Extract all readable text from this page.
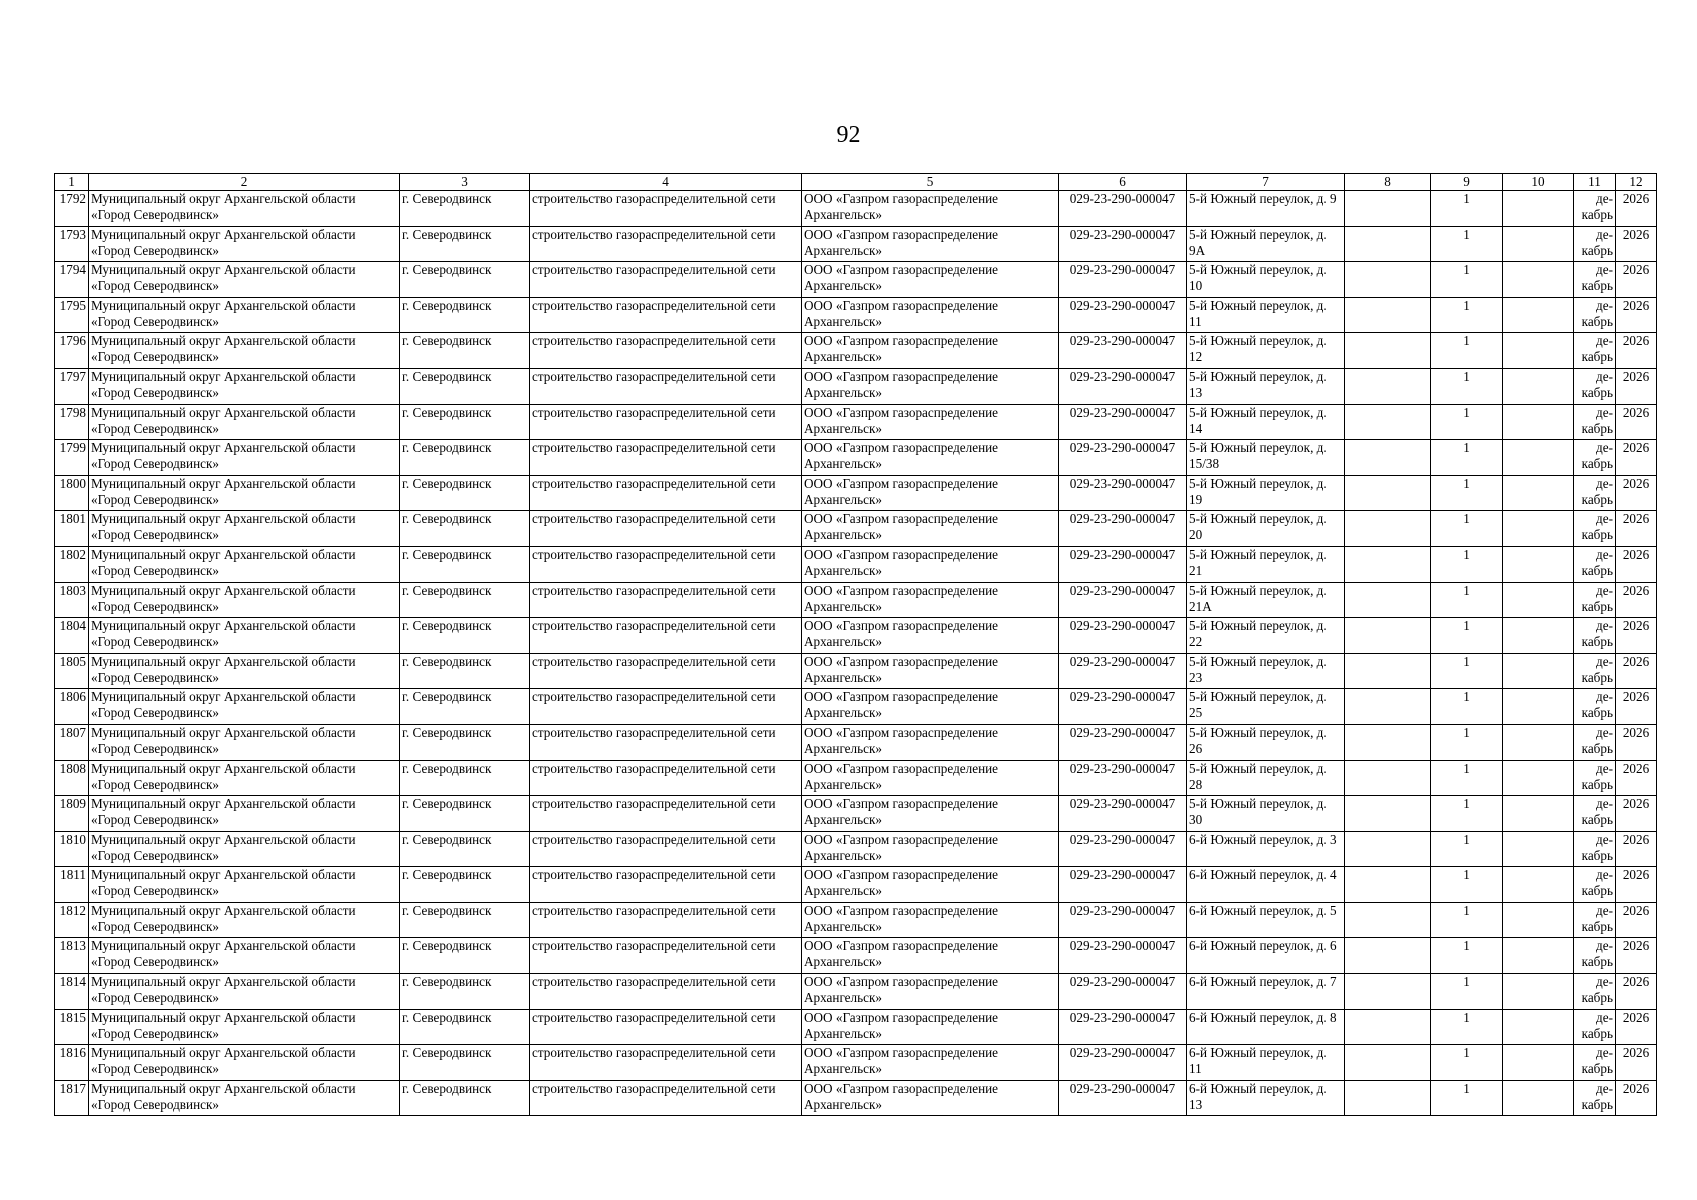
92
1	2	3	4	5	6	7	8	9	10	11	12
1792	Муниципальный округ Архангельской области «Город Северодвинск»	г. Северодвинск	строительство газораспределительной сети	ООО «Газпром газораспределение Архангельск»	029-23-290-000047	5-й Южный переулок, д. 9		1		де-кабрь	2026
1793	Муниципальный округ Архангельской области «Город Северодвинск»	г. Северодвинск	строительство газораспределительной сети	ООО «Газпром газораспределение Архангельск»	029-23-290-000047	5-й Южный переулок, д. 9А		1		де-кабрь	2026
1794	Муниципальный округ Архангельской области «Город Северодвинск»	г. Северодвинск	строительство газораспределительной сети	ООО «Газпром газораспределение Архангельск»	029-23-290-000047	5-й Южный переулок, д. 10		1		де-кабрь	2026
1795	Муниципальный округ Архангельской области «Город Северодвинск»	г. Северодвинск	строительство газораспределительной сети	ООО «Газпром газораспределение Архангельск»	029-23-290-000047	5-й Южный переулок, д. 11		1		де-кабрь	2026
1796	Муниципальный округ Архангельской области «Город Северодвинск»	г. Северодвинск	строительство газораспределительной сети	ООО «Газпром газораспределение Архангельск»	029-23-290-000047	5-й Южный переулок, д. 12		1		де-кабрь	2026
1797	Муниципальный округ Архангельской области «Город Северодвинск»	г. Северодвинск	строительство газораспределительной сети	ООО «Газпром газораспределение Архангельск»	029-23-290-000047	5-й Южный переулок, д. 13		1		де-кабрь	2026
1798	Муниципальный округ Архангельской области «Город Северодвинск»	г. Северодвинск	строительство газораспределительной сети	ООО «Газпром газораспределение Архангельск»	029-23-290-000047	5-й Южный переулок, д. 14		1		де-кабрь	2026
1799	Муниципальный округ Архангельской области «Город Северодвинск»	г. Северодвинск	строительство газораспределительной сети	ООО «Газпром газораспределение Архангельск»	029-23-290-000047	5-й Южный переулок, д. 15/38		1		де-кабрь	2026
1800	Муниципальный округ Архангельской области «Город Северодвинск»	г. Северодвинск	строительство газораспределительной сети	ООО «Газпром газораспределение Архангельск»	029-23-290-000047	5-й Южный переулок, д. 19		1		де-кабрь	2026
1801	Муниципальный округ Архангельской области «Город Северодвинск»	г. Северодвинск	строительство газораспределительной сети	ООО «Газпром газораспределение Архангельск»	029-23-290-000047	5-й Южный переулок, д. 20		1		де-кабрь	2026
1802	Муниципальный округ Архангельской области «Город Северодвинск»	г. Северодвинск	строительство газораспределительной сети	ООО «Газпром газораспределение Архангельск»	029-23-290-000047	5-й Южный переулок, д. 21		1		де-кабрь	2026
1803	Муниципальный округ Архангельской области «Город Северодвинск»	г. Северодвинск	строительство газораспределительной сети	ООО «Газпром газораспределение Архангельск»	029-23-290-000047	5-й Южный переулок, д. 21А		1		де-кабрь	2026
1804	Муниципальный округ Архангельской области «Город Северодвинск»	г. Северодвинск	строительство газораспределительной сети	ООО «Газпром газораспределение Архангельск»	029-23-290-000047	5-й Южный переулок, д. 22		1		де-кабрь	2026
1805	Муниципальный округ Архангельской области «Город Северодвинск»	г. Северодвинск	строительство газораспределительной сети	ООО «Газпром газораспределение Архангельск»	029-23-290-000047	5-й Южный переулок, д. 23		1		де-кабрь	2026
1806	Муниципальный округ Архангельской области «Город Северодвинск»	г. Северодвинск	строительство газораспределительной сети	ООО «Газпром газораспределение Архангельск»	029-23-290-000047	5-й Южный переулок, д. 25		1		де-кабрь	2026
1807	Муниципальный округ Архангельской области «Город Северодвинск»	г. Северодвинск	строительство газораспределительной сети	ООО «Газпром газораспределение Архангельск»	029-23-290-000047	5-й Южный переулок, д. 26		1		де-кабрь	2026
1808	Муниципальный округ Архангельской области «Город Северодвинск»	г. Северодвинск	строительство газораспределительной сети	ООО «Газпром газораспределение Архангельск»	029-23-290-000047	5-й Южный переулок, д. 28		1		де-кабрь	2026
1809	Муниципальный округ Архангельской области «Город Северодвинск»	г. Северодвинск	строительство газораспределительной сети	ООО «Газпром газораспределение Архангельск»	029-23-290-000047	5-й Южный переулок, д. 30		1		де-кабрь	2026
1810	Муниципальный округ Архангельской области «Город Северодвинск»	г. Северодвинск	строительство газораспределительной сети	ООО «Газпром газораспределение Архангельск»	029-23-290-000047	6-й Южный переулок, д. 3		1		де-кабрь	2026
1811	Муниципальный округ Архангельской области «Город Северодвинск»	г. Северодвинск	строительство газораспределительной сети	ООО «Газпром газораспределение Архангельск»	029-23-290-000047	6-й Южный переулок, д. 4		1		де-кабрь	2026
1812	Муниципальный округ Архангельской области «Город Северодвинск»	г. Северодвинск	строительство газораспределительной сети	ООО «Газпром газораспределение Архангельск»	029-23-290-000047	6-й Южный переулок, д. 5		1		де-кабрь	2026
1813	Муниципальный округ Архангельской области «Город Северодвинск»	г. Северодвинск	строительство газораспределительной сети	ООО «Газпром газораспределение Архангельск»	029-23-290-000047	6-й Южный переулок, д. 6		1		де-кабрь	2026
1814	Муниципальный округ Архангельской области «Город Северодвинск»	г. Северодвинск	строительство газораспределительной сети	ООО «Газпром газораспределение Архангельск»	029-23-290-000047	6-й Южный переулок, д. 7		1		де-кабрь	2026
1815	Муниципальный округ Архангельской области «Город Северодвинск»	г. Северодвинск	строительство газораспределительной сети	ООО «Газпром газораспределение Архангельск»	029-23-290-000047	6-й Южный переулок, д. 8		1		де-кабрь	2026
1816	Муниципальный округ Архангельской области «Город Северодвинск»	г. Северодвинск	строительство газораспределительной сети	ООО «Газпром газораспределение Архангельск»	029-23-290-000047	6-й Южный переулок, д. 11		1		де-кабрь	2026
1817	Муниципальный округ Архангельской области «Город Северодвинск»	г. Северодвинск	строительство газораспределительной сети	ООО «Газпром газораспределение Архангельск»	029-23-290-000047	6-й Южный переулок, д. 13		1		де-кабрь	2026
